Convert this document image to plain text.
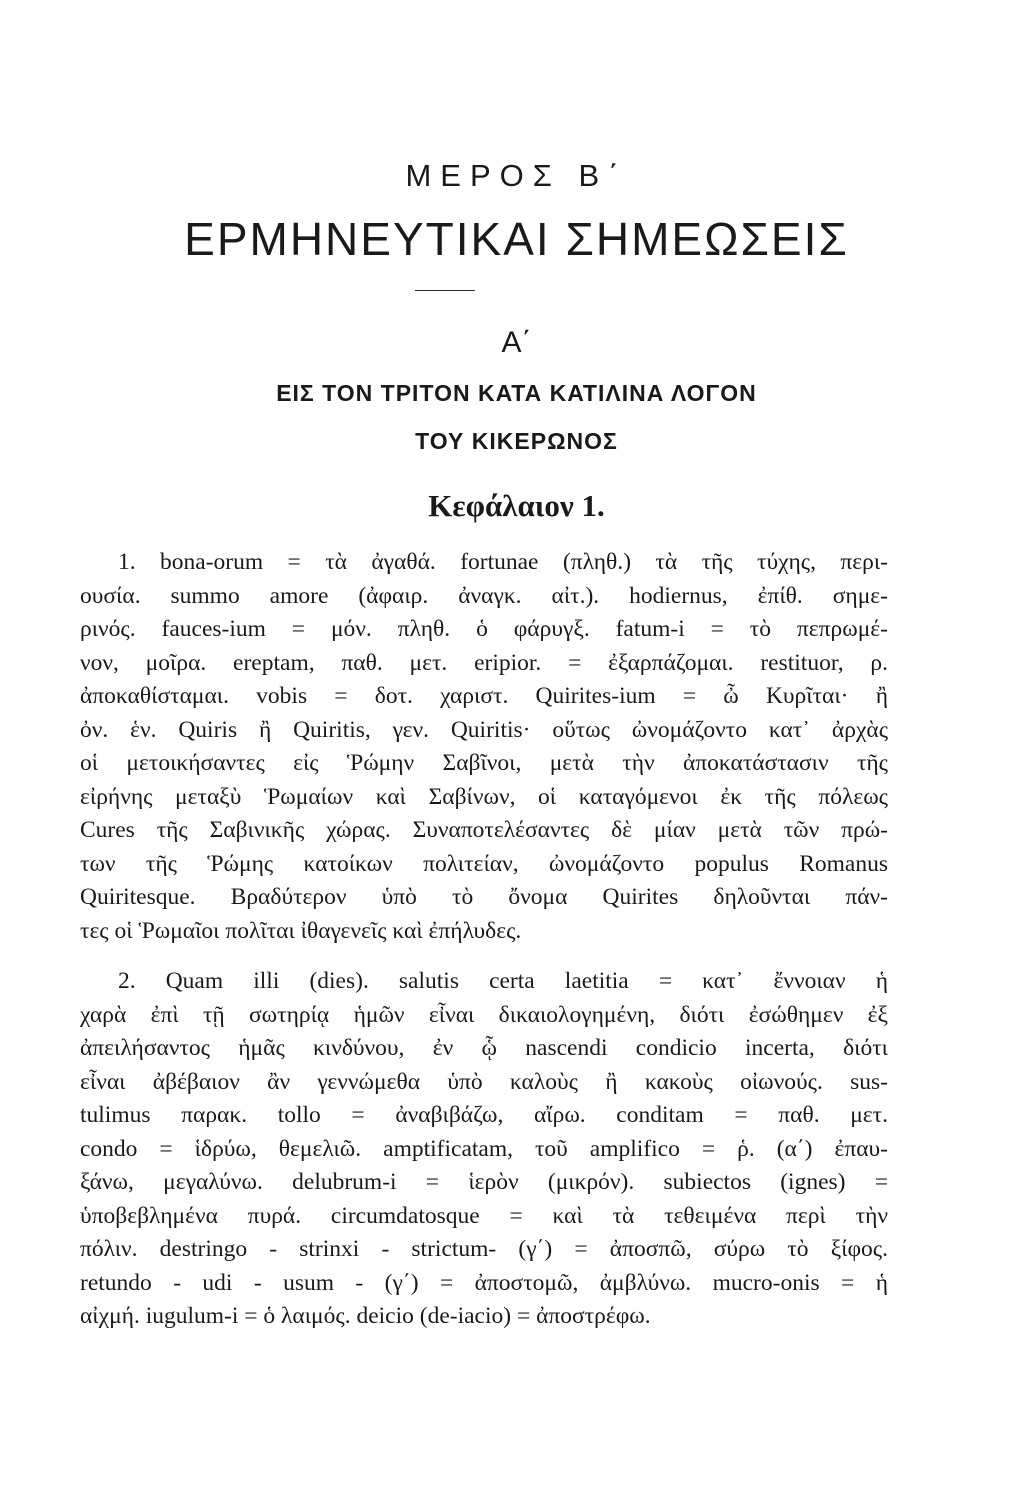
ΜΕΡΟΣ Β΄
ΕΡΜΗΝΕΥΤΙΚΑΙ ΣΗΜΕΩΣΕΙΣ
Α΄
ΕΙΣ ΤΟΝ ΤΡΙΤΟΝ ΚΑΤΑ ΚΑΤΙΛΙΝΑ ΛΟΓΟΝ
ΤΟΥ ΚΙΚΕΡΩΝΟΣ
Κεφάλαιον 1.
1. bona-orum = τὰ ἀγαθά. fortunae (πληθ.) τὰ τῆς τύχης, περι-
ουσία. summo amore (ἀφαιρ. ἀναγκ. αἰτ.). hodiernus, ἐπίθ. σημε-
ρινός. fauces-ium = μόν. πληθ. ὁ φάρυγξ. fatum-i = τὸ πεπρωμέ-
νον, μοῖρα. ereptam, παθ. μετ. eripior. = ἐξαρπάζομαι. restituor, ρ.
ἀποκαθίσταμαι. vobis = δοτ. χαριστ. Quirites-ium = ὦ Κυρῖται· ἢ
ὀν. ἑν. Quiris ἢ Quiritis, γεν. Quiritis· οὕτως ὠνομάζοντο κατ᾽ ἀρχὰς
οἱ μετοικήσαντες εἰς Ῥώμην Σαβῖνοι, μετὰ τὴν ἀποκατάστασιν τῆς
εἰρήνης μεταξὺ Ῥωμαίων καὶ Σαβίνων, οἱ καταγόμενοι ἐκ τῆς πόλεως
Cures τῆς Σαβινικῆς χώρας. Συναποτελέσαντες δὲ μίαν μετὰ τῶν πρώ-
των τῆς Ῥώμης κατοίκων πολιτείαν, ὠνομάζοντο populus Romanus
Quiritesque. Βραδύτερον ὑπὸ τὸ ὄνομα Quirites δηλοῦνται πάν-
τες οἱ Ῥωμαῖοι πολῖται ἰθαγενεῖς καὶ ἐπήλυδες.
2. Quam illi (dies). salutis certa laetitia = κατ᾽ ἔννοιαν ἡ
χαρὰ ἐπὶ τῇ σωτηρίᾳ ἡμῶν εἶναι δικαιολογημένη, διότι ἐσώθημεν ἐξ
ἀπειλήσαντος ἡμᾶς κινδύνου, ἐν ᾧ nascendi condicio incerta, διότι
εἶναι ἀβέβαιον ἂν γεννώμεθα ὑπὸ καλοὺς ἢ κακοὺς οἰωνούς. sus-
tulimus παρακ. tollo = ἀναβιβάζω, αἴρω. conditam = παθ. μετ.
condo = ἱδρύω, θεμελιῶ. amptificatam, τοῦ amplifico = ῥ. (α΄) ἐπαυ-
ξάνω, μεγαλύνω. delubrum-i = ἱερὸν (μικρόν). subiectos (ignes) =
ὑποβεβλημένα πυρά. circumdatosque = καὶ τὰ τεθειμένα περὶ τὴν
πόλιν. destringo - strinxi - strictum- (γ΄) = ἀποσπῶ, σύρω τὸ ξίφος.
retundo - udi - usum - (γ΄) = ἀποστομῶ, ἀμβλύνω. mucro-onis = ἡ
αἰχμή. iugulum-i = ὁ λαιμός. deicio (de-iacio) = ἀποστρέφω.
